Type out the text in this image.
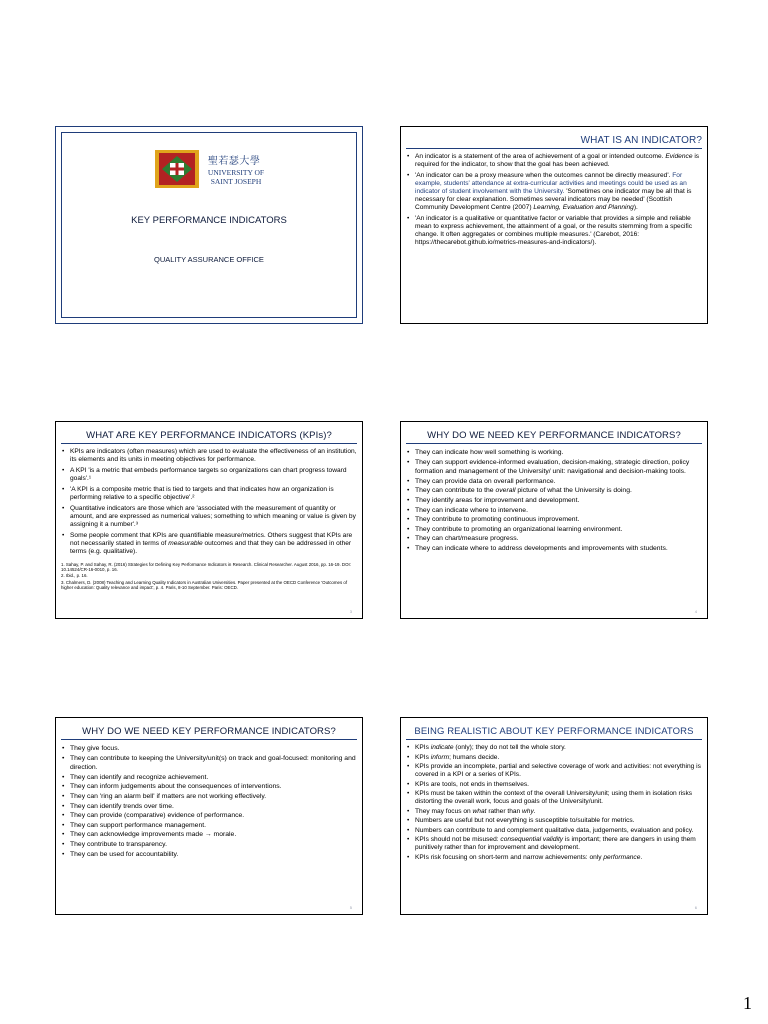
聖若瑟大學
UNIVERSITY OF
SAINT JOSEPH
KEY PERFORMANCE INDICATORS
QUALITY ASSURANCE OFFICE
WHAT IS AN INDICATOR?
• An indicator is a statement of the area of achievement of a goal or intended outcome. Evidence is required for the indicator, to show that the goal has been achieved.
• 'An indicator can be a proxy measure when the outcomes cannot be directly measured'. For example, students' attendance at extra-curricular activities and meetings could be used as an indicator of student involvement with the University. 'Sometimes one indicator may be all that is necessary for clear explanation. Sometimes several indicators may be needed' (Scottish Community Development Centre (2007) Learning, Evaluation and Planning).
• 'An indicator is a qualitative or quantitative factor or variable that provides a simple and reliable mean to express achievement, the attainment of a goal, or the results stemming from a specific change. It often aggregates or combines multiple measures.' (Carebot, 2016: https://thecarebot.github.io/metrics-measures-and-indicators/).
WHAT ARE KEY PERFORMANCE INDICATORS (KPIs)?
• KPIs are indicators (often measures) which are used to evaluate the effectiveness of an institution, its elements and its units in meeting objectives for performance.
• A KPI 'is a metric that embeds performance targets so organizations can chart progress toward goals'.¹
• 'A KPI is a composite metric that is tied to targets and that indicates how an organization is performing relative to a specific objective'.²
• Quantitative indicators are those which are 'associated with the measurement of quantity or amount, and are expressed as numerical values; something to which meaning or value is given by assigning it a number'.³
• Some people comment that KPIs are quantifiable measure/metrics. Others suggest that KPIs are not necessarily stated in terms of measurable outcomes and that they can be addressed in other terms (e.g. qualitative).
1. Sahay, P. and Sahay, R. (2016) Strategies for Defining Key Performance Indicators in Research. Clinical Researcher. August 2016, pp. 16-19. DOI: 10.14524/CR-16-0010, p. 16.
2. Ibid., p. 16.
3. Chalmers, D. (2008) Teaching and Learning Quality Indicators in Australian Universities. Paper presented at the OECD Conference 'Outcomes of higher education: Quality relevance and impact', p. 4. Paris, 8-10 September. Paris: OECD.
3
WHY DO WE NEED KEY PERFORMANCE INDICATORS?
• They can indicate how well something is working.
• They can support evidence-informed evaluation, decision-making, strategic direction, policy formation and management of the University/ unit: navigational and decision-making tools.
• They can provide data on overall performance.
• They can contribute to the overall picture of what the University is doing.
• They identify areas for improvement and development.
• They can indicate where to intervene.
• They contribute to promoting continuous improvement.
• They contribute to promoting an organizational learning environment.
• They can chart/measure progress.
• They can indicate where to address developments and improvements with students.
4
WHY DO WE NEED KEY PERFORMANCE INDICATORS?
• They give focus.
• They can contribute to keeping the University/unit(s) on track and goal-focused: monitoring and direction.
• They can identify and recognize achievement.
• They can inform judgements about the consequences of interventions.
• They can 'ring an alarm bell' if matters are not working effectively.
• They can identify trends over time.
• They can provide (comparative) evidence of performance.
• They can support performance management.
• They can acknowledge improvements made → morale.
• They contribute to transparency.
• They can be used for accountability.
5
BEING REALISTIC ABOUT KEY PERFORMANCE INDICATORS
• KPIs indicate (only); they do not tell the whole story.
• KPIs inform; humans decide.
• KPIs provide an incomplete, partial and selective coverage of work and activities: not everything is covered in a KPI or a series of KPIs.
• KPIs are tools, not ends in themselves.
• KPIs must be taken within the context of the overall University/unit; using them in isolation risks distorting the overall work, focus and goals of the University/unit.
• They may focus on what rather than why.
• Numbers are useful but not everything is susceptible to/suitable for metrics.
• Numbers can contribute to and complement qualitative data, judgements, evaluation and policy.
• KPIs should not be misused: consequential validity is important; there are dangers in using them punitively rather than for improvement and development.
• KPIs risk focusing on short-term and narrow achievements: only performance.
6
1
